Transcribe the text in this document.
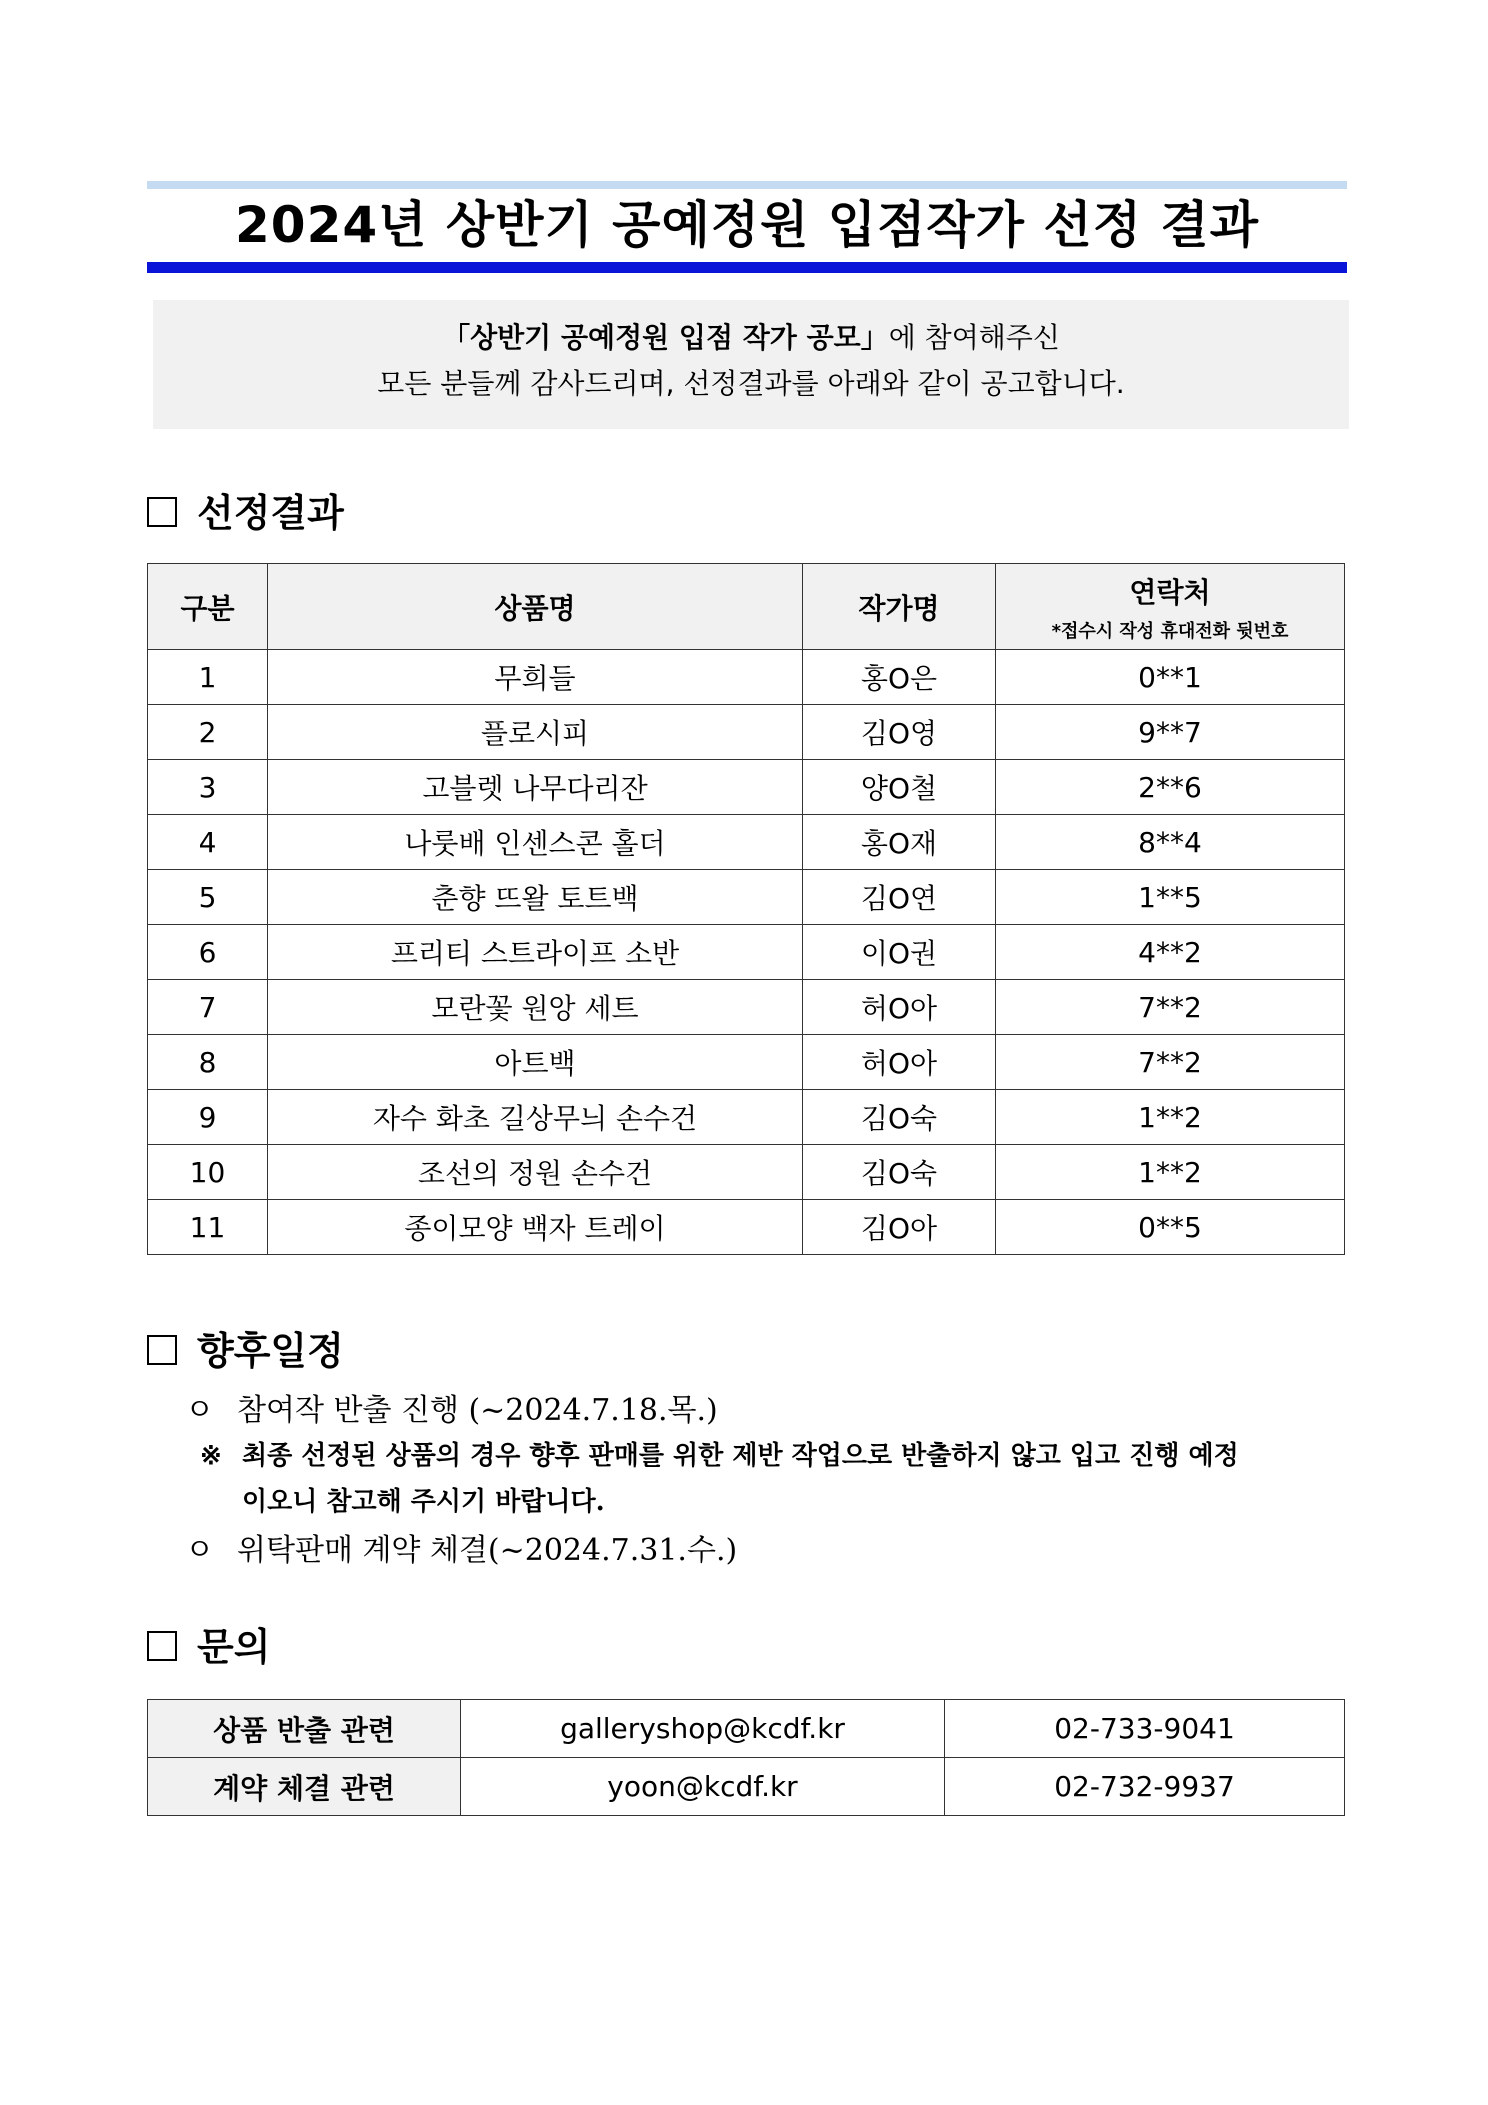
2024년 상반기 공예정원 입점작가 선정 결과
「상반기 공예정원 입점 작가 공모」에 참여해주신
모든 분들께 감사드리며, 선정결과를 아래와 같이 공고합니다.
선정결과
구분	상품명	작가명	연락처
*접수시 작성 휴대전화 뒷번호

1	무희들	홍O은	0**1
2	플로시피	김O영	9**7
3	고블렛 나무다리잔	양O철	2**6
4	나룻배 인센스콘 홀더	홍O재	8**4
5	춘향 뜨왈 토트백	김O연	1**5
6	프리티 스트라이프 소반	이O권	4**2
7	모란꽃 원앙 세트	허O아	7**2
8	아트백	허O아	7**2
9	자수 화초 길상무늬 손수건	김O숙	1**2
10	조선의 정원 손수건	김O숙	1**2
11	종이모양 백자 트레이	김O아	0**5
향후일정
ㅇ 참여작 반출 진행 (~2024.7.18.목.)
※ 최종 선정된 상품의 경우 향후 판매를 위한 제반 작업으로 반출하지 않고 입고 진행 예정
이오니 참고해 주시기 바랍니다.
ㅇ 위탁판매 계약 체결(~2024.7.31.수.)
문의
상품 반출 관련	galleryshop@kcdf.kr	02-733-9041
계약 체결 관련	yoon@kcdf.kr	02-732-9937
